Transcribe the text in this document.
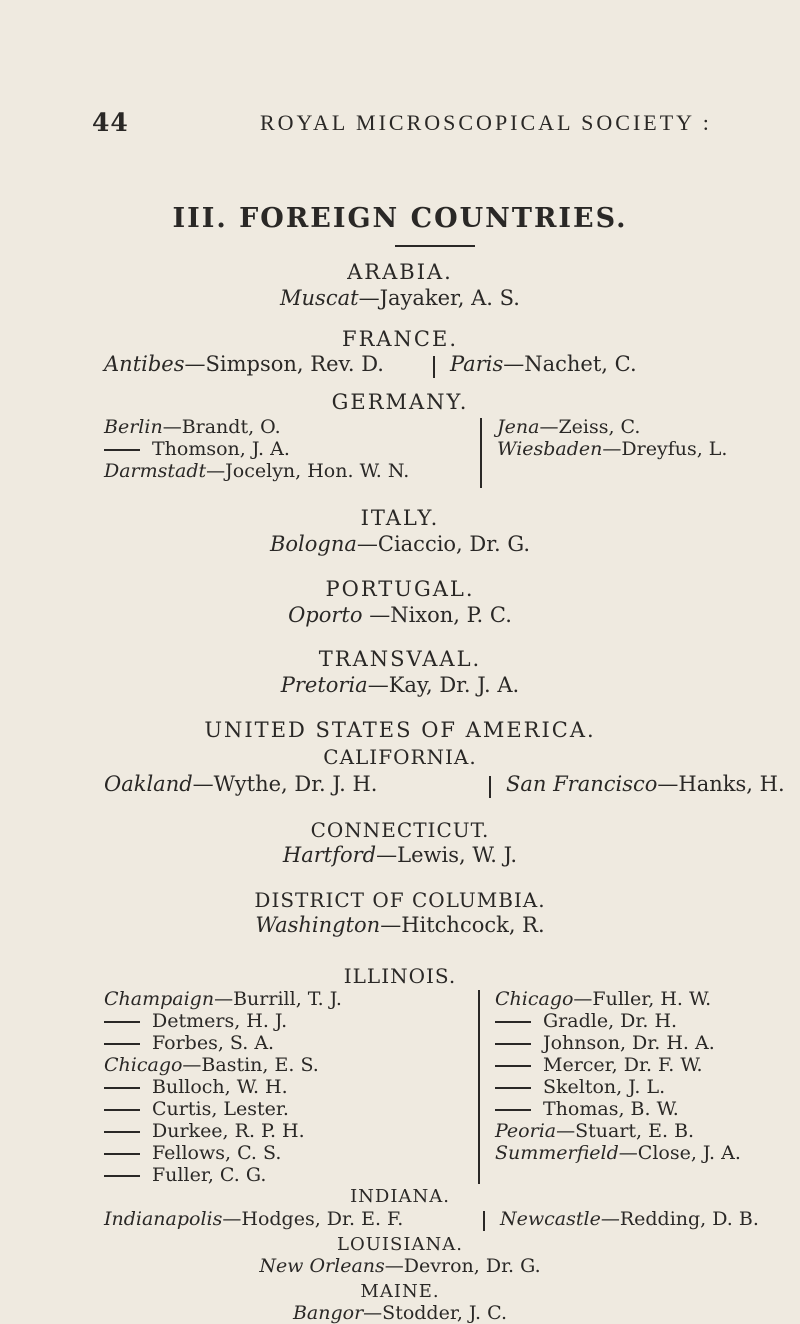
44	ROYAL MICROSCOPICAL SOCIETY :
III. FOREIGN COUNTRIES.
ARABIA.
Muscat—Jayaker, A. S.
FRANCE.
Antibes—Simpson, Rev. D.	Paris—Nachet, C.
GERMANY.
Berlin—Brandt, O.
Thomson, J. A.
Darmstadt—Jocelyn, Hon. W. N.
Jena—Zeiss, C.
Wiesbaden—Dreyfus, L.
ITALY.
Bologna—Ciaccio, Dr. G.
PORTUGAL.
Oporto —Nixon, P. C.
TRANSVAAL.
Pretoria—Kay, Dr. J. A.
UNITED STATES OF AMERICA.
CALIFORNIA.
Oakland—Wythe, Dr. J. H.	San Francisco—Hanks, H.
CONNECTICUT.
Hartford—Lewis, W. J.
DISTRICT OF COLUMBIA.
Washington—Hitchcock, R.
ILLINOIS.
Champaign—Burrill, T. J.
Detmers, H. J.
Forbes, S. A.
Chicago—Bastin, E. S.
Bulloch, W. H.
Curtis, Lester.
Durkee, R. P. H.
Fellows, C. S.
Fuller, C. G.
Chicago—Fuller, H. W.
Gradle, Dr. H.
Johnson, Dr. H. A.
Mercer, Dr. F. W.
Skelton, J. L.
Thomas, B. W.
Peoria—Stuart, E. B.
Summerfield—Close, J. A.
INDIANA.
Indianapolis—Hodges, Dr. E. F.	Newcastle—Redding, D. B.
LOUISIANA.
New Orleans—Devron, Dr. G.
MAINE.
Bangor—Stodder, J. C.
